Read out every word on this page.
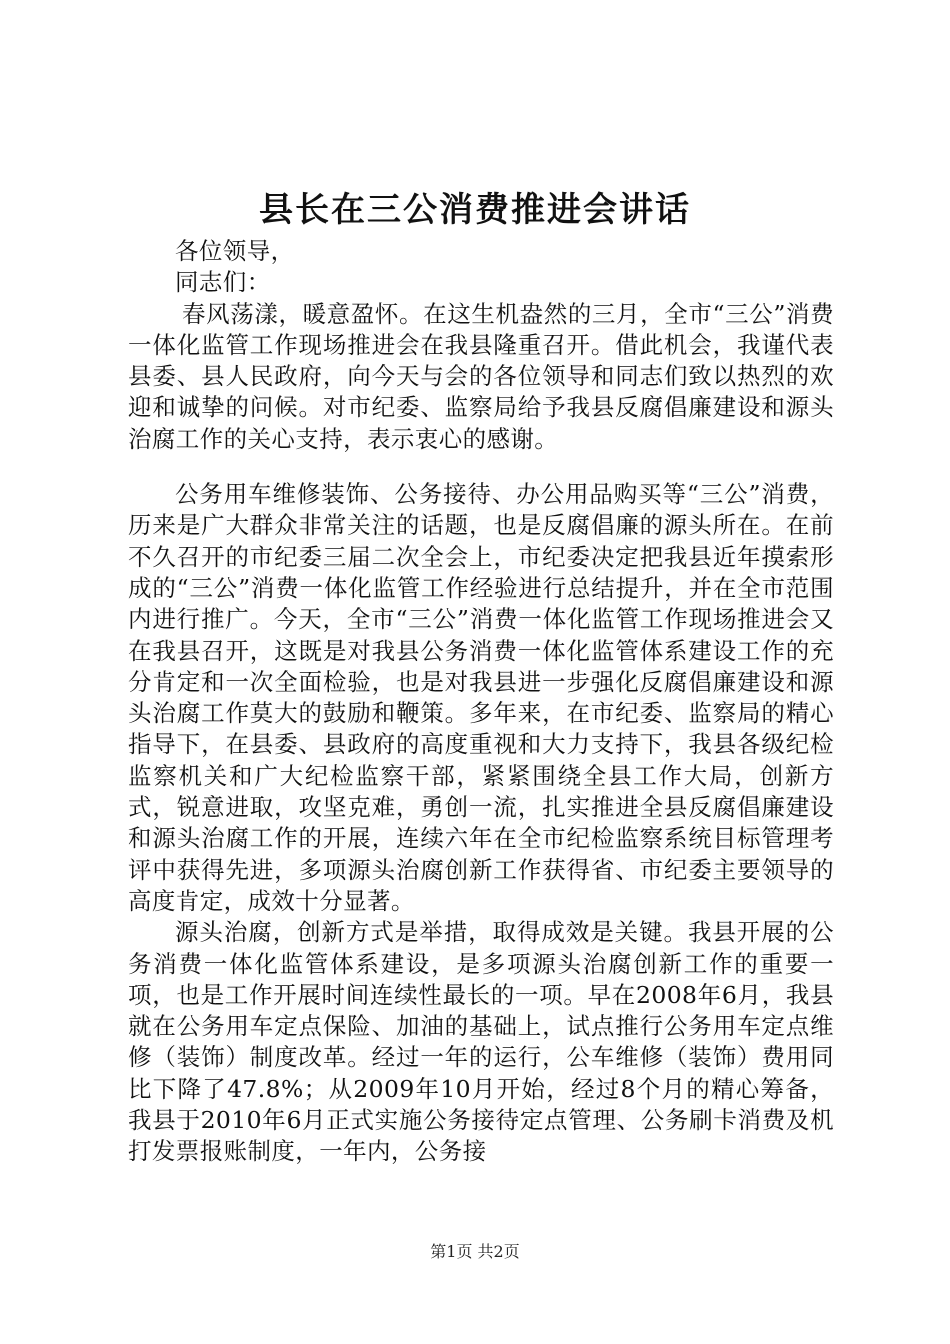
县长在三公消费推进会讲话

各位领导，

同志们：

春风荡漾，暖意盈怀。在这生机盎然的三月，全市“三公”消费一体化监管工作现场推进会在我县隆重召开。借此机会，我谨代表县委、县人民政府，向今天与会的各位领导和同志们致以热烈的欢迎和诚挚的问候。对市纪委、监察局给予我县反腐倡廉建设和源头治腐工作的关心支持，表示衷心的感谢。

公务用车维修装饰、公务接待、办公用品购买等“三公”消费，历来是广大群众非常关注的话题，也是反腐倡廉的源头所在。在前不久召开的市纪委三届二次全会上，市纪委决定把我县近年摸索形成的“三公”消费一体化监管工作经验进行总结提升，并在全市范围内进行推广。今天，全市“三公”消费一体化监管工作现场推进会又在我县召开，这既是对我县公务消费一体化监管体系建设工作的充分肯定和一次全面检验，也是对我县进一步强化反腐倡廉建设和源头治腐工作莫大的鼓励和鞭策。多年来，在市纪委、监察局的精心指导下，在县委、县政府的高度重视和大力支持下，我县各级纪检监察机关和广大纪检监察干部，紧紧围绕全县工作大局，创新方式，锐意进取，攻坚克难，勇创一流，扎实推进全县反腐倡廉建设和源头治腐工作的开展，连续六年在全市纪检监察系统目标管理考评中获得先进，多项源头治腐创新工作获得省、市纪委主要领导的高度肯定，成效十分显著。

源头治腐，创新方式是举措，取得成效是关键。我县开展的公务消费一体化监管体系建设，是多项源头治腐创新工作的重要一项，也是工作开展时间连续性最长的一项。早在2008年6月，我县就在公务用车定点保险、加油的基础上，试点推行公务用车定点维修（装饰）制度改革。经过一年的运行，公车维修（装饰）费用同比下降了47.8%；从2009年10月开始，经过8个月的精心筹备，我县于2010年6月正式实施公务接待定点管理、公务刷卡消费及机打发票报账制度，一年内，公务接

第1页 共2页
